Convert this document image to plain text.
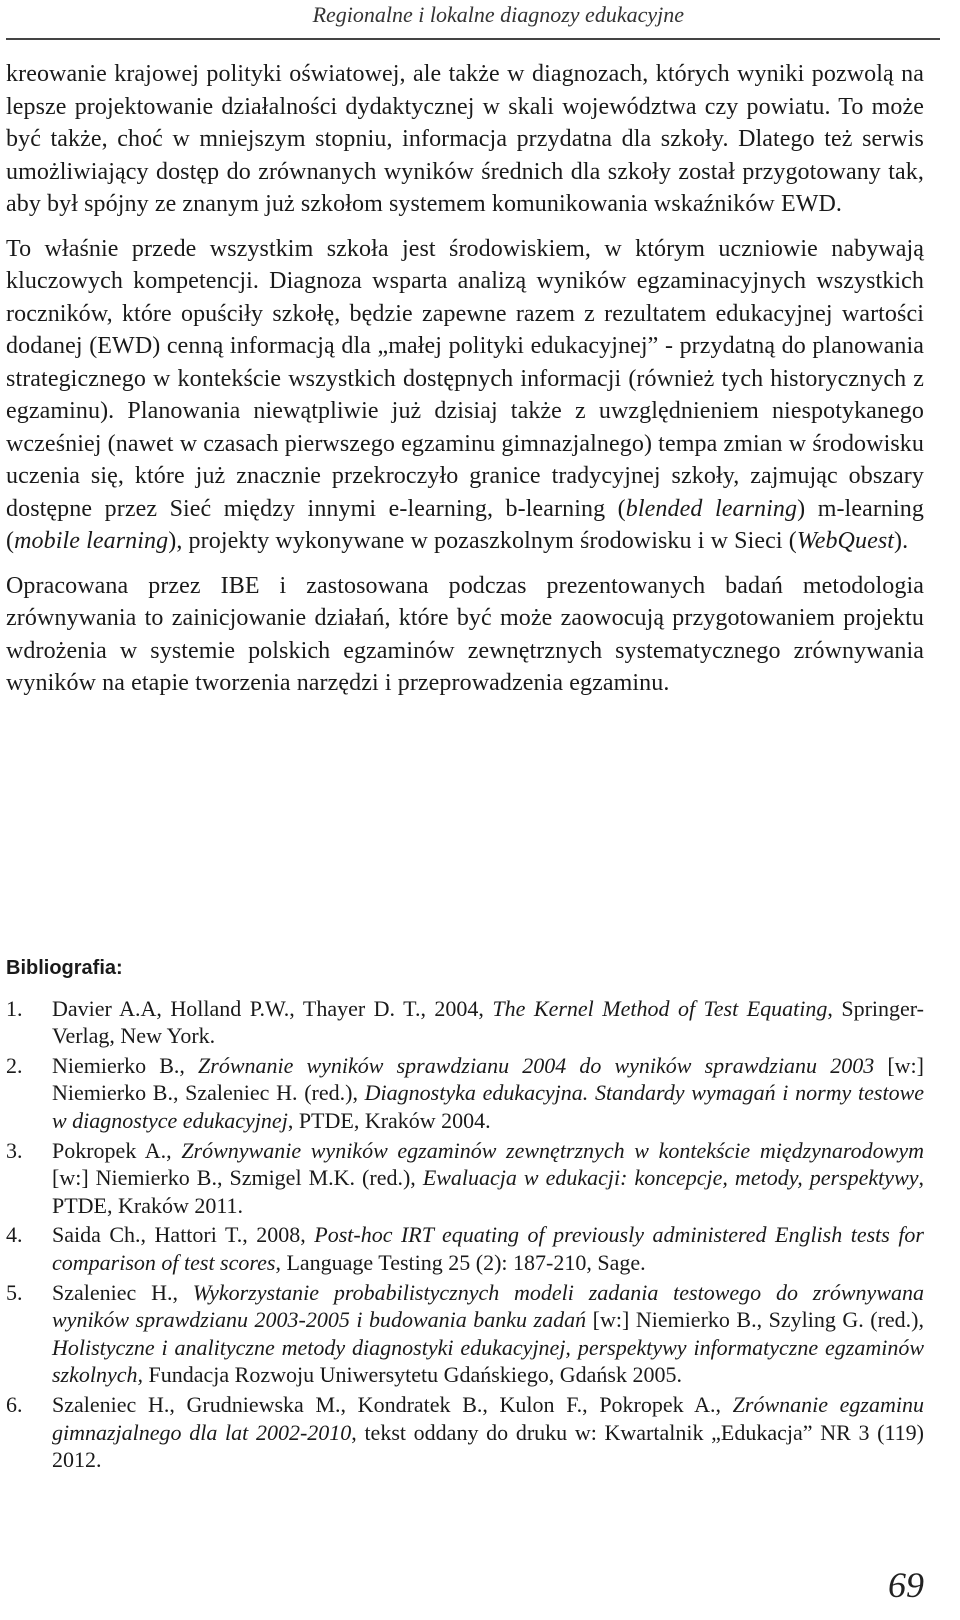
Regionalne i lokalne diagnozy edukacyjne

kreowanie krajowej polityki oświatowej, ale także w diagnozach, których wyniki pozwolą na lepsze projektowanie działalności dydaktycznej w skali województwa czy powiatu. To może być także, choć w mniejszym stopniu, informacja przydatna dla szkoły. Dlatego też serwis umożliwiający dostęp do zrównanych wyników średnich dla szkoły został przygotowany tak, aby był spójny ze znanym już szkołom systemem komunikowania wskaźników EWD.

To właśnie przede wszystkim szkoła jest środowiskiem, w którym uczniowie nabywają kluczowych kompetencji. Diagnoza wsparta analizą wyników egzaminacyjnych wszystkich roczników, które opuściły szkołę, będzie zapewne razem z rezultatem edukacyjnej wartości dodanej (EWD) cenną informacją dla „małej polityki edukacyjnej” - przydatną do planowania strategicznego w kontekście wszystkich dostępnych informacji (również tych historycznych z egzaminu). Planowania niewątpliwie już dzisiaj także z uwzględnieniem niespotykanego wcześniej (nawet w czasach pierwszego egzaminu gimnazjalnego) tempa zmian w środowisku uczenia się, które już znacznie przekroczyło granice tradycyjnej szkoły, zajmując obszary dostępne przez Sieć między innymi e-learning, b-learning (blended learning) m-learning (mobile learning), projekty wykonywane w pozaszkolnym środowisku i w Sieci (WebQuest).

Opracowana przez IBE i zastosowana podczas prezentowanych badań metodologia zrównywania to zainicjowanie działań, które być może zaowocują przygotowaniem projektu wdrożenia w systemie polskich egzaminów zewnętrznych systematycznego zrównywania wyników na etapie tworzenia narzędzi i przeprowadzenia egzaminu.

Bibliografia:
1. Davier A.A, Holland P.W., Thayer D. T., 2004, The Kernel Method of Test Equating, Springer-Verlag, New York.
2. Niemierko B., Zrównanie wyników sprawdzianu 2004 do wyników sprawdzianu 2003 [w:] Niemierko B., Szaleniec H. (red.), Diagnostyka edukacyjna. Standardy wymagań i normy testowe w diagnostyce edukacyjnej, PTDE, Kraków 2004.
3. Pokropek A., Zrównywanie wyników egzaminów zewnętrznych w kontekście międzynarodowym [w:] Niemierko B., Szmigel M.K. (red.), Ewaluacja w edukacji: koncepcje, metody, perspektywy, PTDE, Kraków 2011.
4. Saida Ch., Hattori T., 2008, Post-hoc IRT equating of previously administered English tests for comparison of test scores, Language Testing 25 (2): 187-210, Sage.
5. Szaleniec H., Wykorzystanie probabilistycznych modeli zadania testowego do zrównywana wyników sprawdzianu 2003-2005 i budowania banku zadań [w:] Niemierko B., Szyling G. (red.), Holistyczne i analityczne metody diagnostyki edukacyjnej, perspektywy informatyczne egzaminów szkolnych, Fundacja Rozwoju Uniwersytetu Gdańskiego, Gdańsk 2005.
6. Szaleniec H., Grudniewska M., Kondratek B., Kulon F., Pokropek A., Zrównanie egzaminu gimnazjalnego dla lat 2002-2010, tekst oddany do druku w: Kwartalnik „Edukacja” NR 3 (119) 2012.
69
